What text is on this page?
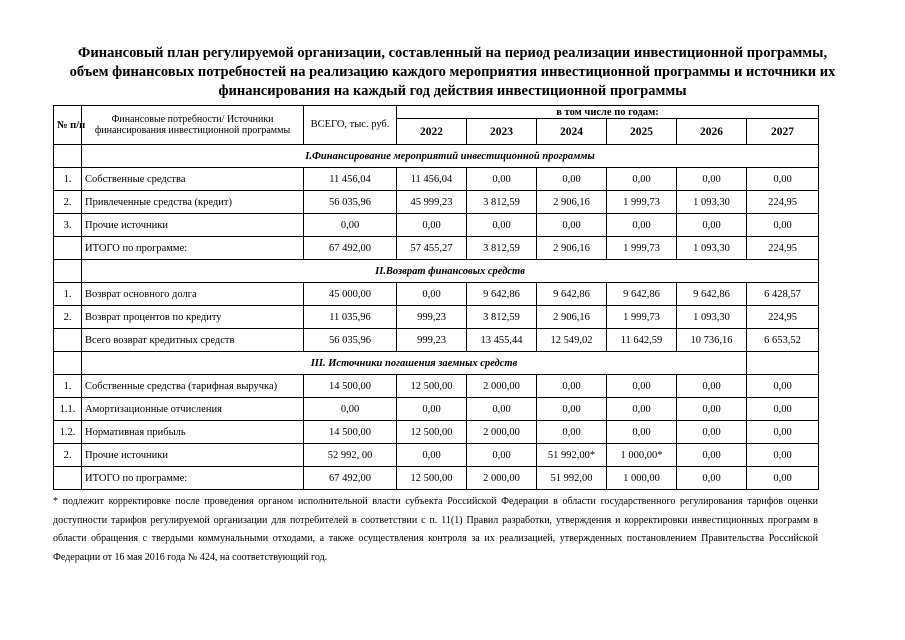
Финансовый план регулируемой организации, составленный на период реализации инвестиционной программы, объем финансовых потребностей на реализацию каждого мероприятия инвестиционной программы и источники их финансирования на каждый год действия инвестиционной программы
№ п/п	Финансовые потребности/ Источники финансирования инвестиционной программы	ВСЕГО, тыс. руб.	в том числе по годам:					
			2022	2023	2024	2025	2026	2027
	I.Финансирование мероприятий инвестиционной программы							
1.	Собственные средства	11 456,04	11 456,04	0,00	0,00	0,00	0,00	0,00
2.	Привлеченные средства (кредит)	56 035,96	45 999,23	3 812,59	2 906,16	1 999,73	1 093,30	224,95
3.	Прочие источники	0,00	0,00	0,00	0,00	0,00	0,00	0,00
	ИТОГО по программе:	67 492,00	57 455,27	3 812,59	2 906,16	1 999,73	1 093,30	224,95
	II.Возврат финансовых средств							
1.	Возврат основного долга	45 000,00	0,00	9 642,86	9 642,86	9 642,86	9 642,86	6 428,57
2.	Возврат процентов по кредиту	11 035,96	999,23	3 812,59	2 906,16	1 999,73	1 093,30	224,95
	Всего возврат кредитных средств	56 035,96	999,23	13 455,44	12 549,02	11 642,59	10 736,16	6 653,52
	III. Источники погашения заемных средств							
1.	Собственные средства (тарифная выручка)	14 500,00	12 500,00	2 000,00	0,00	0,00	0,00	0,00
1.1.	Амортизационные отчисления	0,00	0,00	0,00	0,00	0,00	0,00	0,00
1.2.	Нормативная прибыль	14 500,00	12 500,00	2 000,00	0,00	0,00	0,00	0,00
2.	Прочие источники	52 992, 00	0,00	0,00	51 992,00*	1 000,00*	0,00	0,00
	ИТОГО по программе:	67 492,00	12 500,00	2 000,00	51 992,00	1 000,00	0,00	0,00
* подлежит корректировке после проведения органом исполнительной власти субъекта Российской Федерации в области государственного регулирования тарифов оценки доступности тарифов регулируемой организации для потребителей в соответствии с п. 11(1) Правил разработки, утверждения и корректировки инвестиционных программ в области обращения с твердыми коммунальными отходами, а также осуществления контроля за их реализацией, утвержденных постановлением Правительства Российской Федерации от 16 мая 2016 года № 424, на соответствующий год.
